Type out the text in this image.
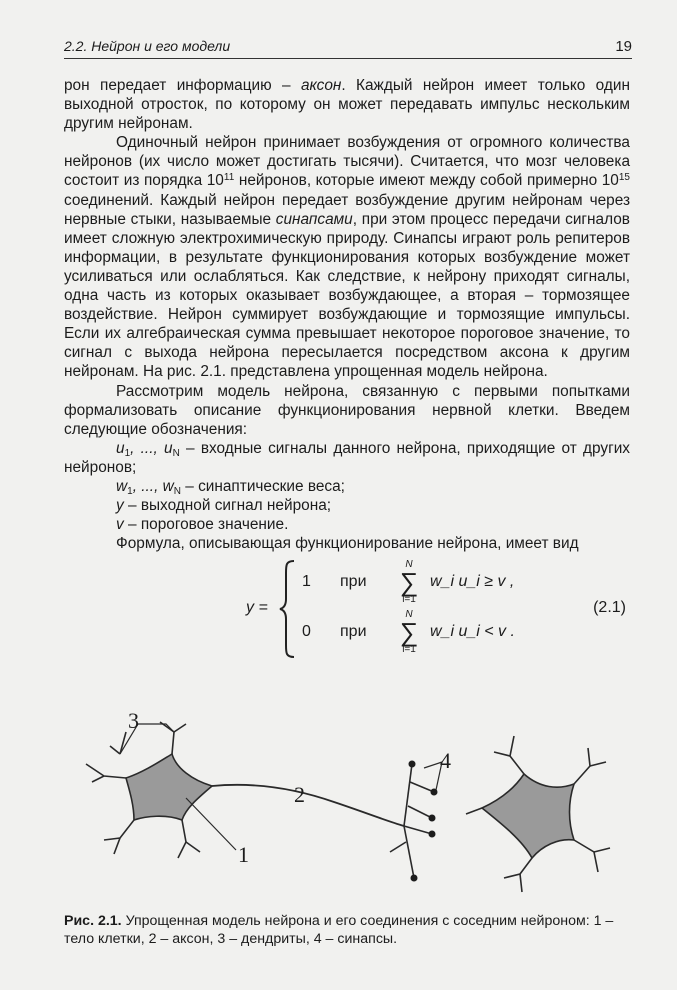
2.2. Нейрон и его модели	19

рон передает информацию – аксон. Каждый нейрон имеет только один выходной отросток, по которому он может передавать импульс нескольким другим нейронам.

Одиночный нейрон принимает возбуждения от огромного количества нейронов (их число может достигать тысячи). Считается, что мозг человека состоит из порядка $10^{11}$ нейронов, которые имеют между собой примерно $10^{15}$ соединений. Каждый нейрон передает возбуждение другим нейронам через нервные стыки, называемые синапсами, при этом процесс передачи сигналов имеет сложную электрохимическую природу. Синапсы играют роль репитеров информации, в результате функционирования которых возбуждение может усиливаться или ослабляться. Как следствие, к нейрону приходят сигналы, одна часть из которых оказывает возбуждающее, а вторая – тормозящее воздействие. Нейрон суммирует возбуждающие и тормозящие импульсы. Если их алгебраическая сумма превышает некоторое пороговое значение, то сигнал с выхода нейрона пересылается посредством аксона к другим нейронам. На рис. 2.1. представлена упрощенная модель нейрона.

Рассмотрим модель нейрона, связанную с первыми попытками формализовать описание функционирования нервной клетки. Введем следующие обозначения:

$u_1$, ..., $u_N$ – входные сигналы данного нейрона, приходящие от других нейронов;

$w_1$, ..., $w_N$ – синаптические веса;

y – выходной сигнал нейрона;

v – пороговое значение.

Формула, описывающая функционирование нейрона, имеет вид

y =
1 при
N
∑
i=1
w_i u_i ≥ v ,
0 при
N
∑
i=1
w_i u_i < v .
(2.1)
3
1
2
4
Рис. 2.1. Упрощенная модель нейрона и его соединения с соседним нейроном: 1 – тело клетки, 2 – аксон, 3 – дендриты, 4 – синапсы.
